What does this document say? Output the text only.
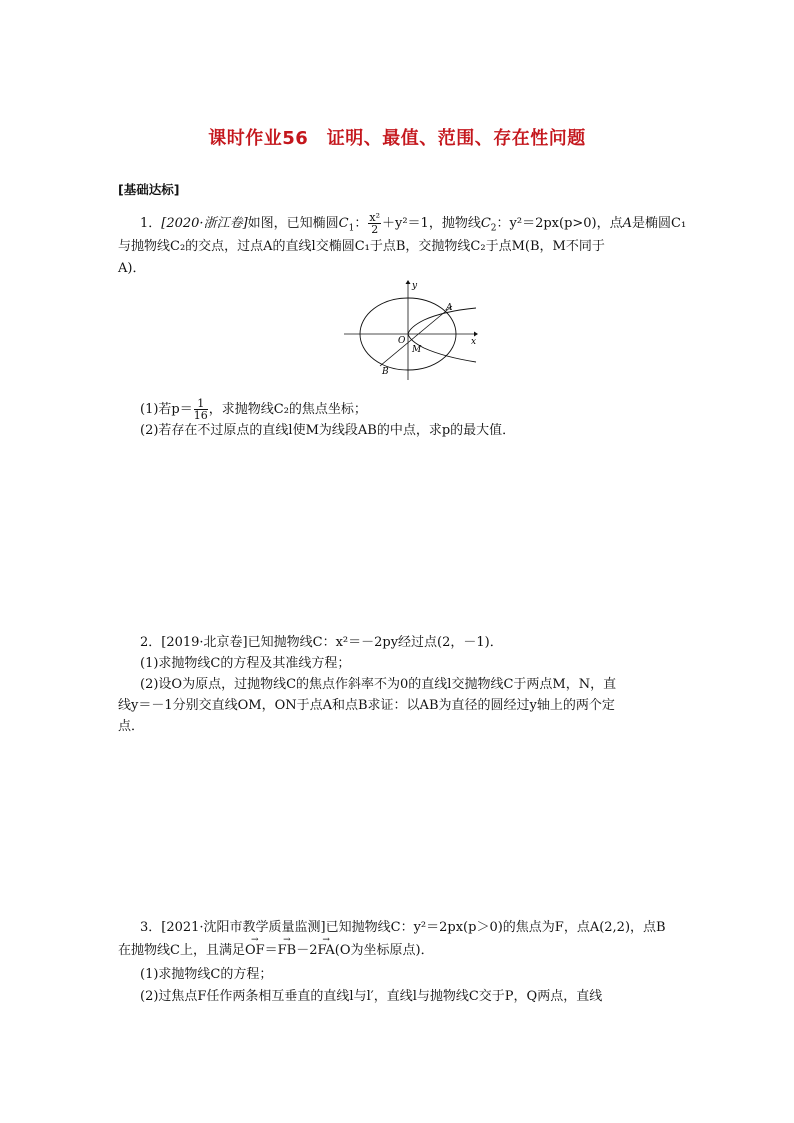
课时作业56　证明、最值、范围、存在性问题
[基础达标]
1．[2020·浙江卷]如图，已知椭圆$C_1$： $\frac{\text{x²}}{2} +y^2=1$，抛物线$C_2$：y²＝2px(p>0)，点A是椭圆C₁
与抛物线C₂的交点，过点A的直线l交椭圆C₁于点B，交抛物线C₂于点M(B，M不同于
A)．
y
x
O
A
M
B
(1)若$p= \frac{1}{16}$ ，求抛物线C₂的焦点坐标；
(2)若存在不过原点的直线l使M为线段AB的中点，求p的最大值．
2．[2019·北京卷]已知抛物线C：x²＝－2py经过点(2，－1)．
(1)求抛物线C的方程及其准线方程；
(2)设O为原点，过抛物线C的焦点作斜率不为0的直线l交抛物线C于两点M，N，直
线y＝－1分别交直线OM，ON于点A和点B求证：以AB为直径的圆经过y轴上的两个定
点．
3．[2021·沈阳市教学质量监测]已知抛物线C：y²＝2px(p＞0)的焦点为F，点A(2,2)，点B
在抛物线C上，且满足→ OF＝→ FB－2→ FA(O为坐标原点)．
(1)求抛物线C的方程；
(2)过焦点F任作两条相互垂直的直线l与l′，直线l与抛物线C交于P，Q两点，直线
